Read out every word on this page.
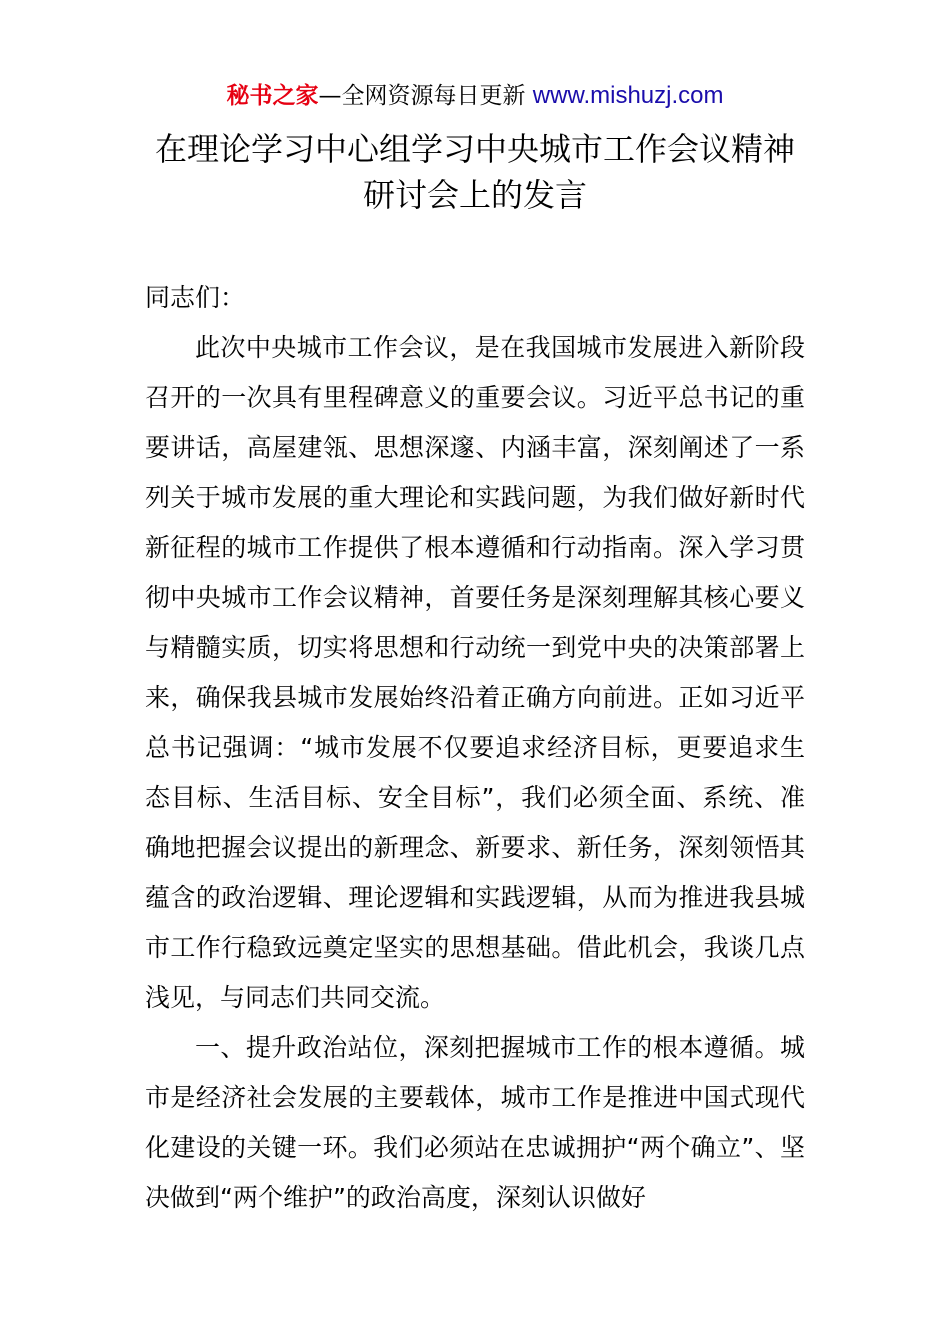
秘书之家—全网资源每日更新 www.mishuzj.com
在理论学习中心组学习中央城市工作会议精神
研讨会上的发言

同志们：

此次中央城市工作会议，是在我国城市发展进入新阶段召开的一次具有里程碑意义的重要会议。习近平总书记的重要讲话，高屋建瓴、思想深邃、内涵丰富，深刻阐述了一系列关于城市发展的重大理论和实践问题，为我们做好新时代新征程的城市工作提供了根本遵循和行动指南。深入学习贯彻中央城市工作会议精神，首要任务是深刻理解其核心要义与精髓实质，切实将思想和行动统一到党中央的决策部署上来，确保我县城市发展始终沿着正确方向前进。正如习近平总书记强调：“城市发展不仅要追求经济目标，更要追求生态目标、生活目标、安全目标”，我们必须全面、系统、准确地把握会议提出的新理念、新要求、新任务，深刻领悟其蕴含的政治逻辑、理论逻辑和实践逻辑，从而为推进我县城市工作行稳致远奠定坚实的思想基础。借此机会，我谈几点浅见，与同志们共同交流。

一、提升政治站位，深刻把握城市工作的根本遵循。城市是经济社会发展的主要载体，城市工作是推进中国式现代化建设的关键一环。我们必须站在忠诚拥护“两个确立”、坚决做到“两个维护”的政治高度，深刻认识做好
